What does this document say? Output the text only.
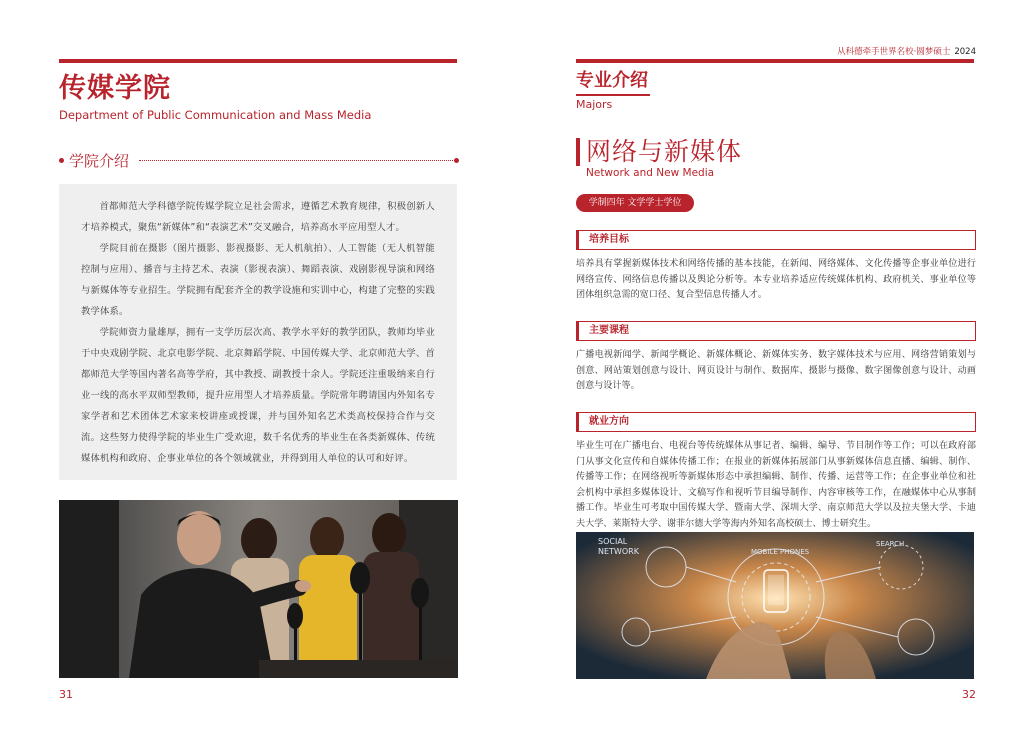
传媒学院
Department of Public Communication and Mass Media
学院介绍

首都师范大学科德学院传媒学院立足社会需求，遵循艺术教育规律，积极创新人才培养模式，聚焦“新媒体”和“表演艺术”交叉融合，培养高水平应用型人才。

学院目前在摄影（图片摄影、影视摄影、无人机航拍）、人工智能（无人机智能控制与应用）、播音与主持艺术、表演（影视表演）、舞蹈表演、戏剧影视导演和网络与新媒体等专业招生。学院拥有配套齐全的教学设施和实训中心，构建了完整的实践教学体系。

学院师资力量雄厚，拥有一支学历层次高、教学水平好的教学团队，教师均毕业于中央戏剧学院、北京电影学院、北京舞蹈学院、中国传媒大学、北京师范大学、首都师范大学等国内著名高等学府，其中教授、副教授十余人。学院还注重吸纳来自行业一线的高水平双师型教师，提升应用型人才培养质量。学院常年聘请国内外知名专家学者和艺术团体艺术家来校讲座或授课，并与国外知名艺术类高校保持合作与交流。这些努力使得学院的毕业生广受欢迎，数千名优秀的毕业生在各类新媒体、传统媒体机构和政府、企事业单位的各个领域就业，并得到用人单位的认可和好评。

31
从科德牵手世界名校·圆梦硕士 2024
专业介绍
Majors
网络与新媒体
Network and New Media
学制四年 文学学士学位
培养目标

培养具有掌握新媒体技术和网络传播的基本技能，在新闻、网络媒体、文化传播等企事业单位进行网络宣传、网络信息传播以及舆论分析等。本专业培养适应传统媒体机构、政府机关、事业单位等团体组织急需的宽口径、复合型信息传播人才。

主要课程

广播电视新闻学、新闻学概论、新媒体概论、新媒体实务、数字媒体技术与应用、网络营销策划与创意、网站策划创意与设计、网页设计与制作、数据库、摄影与摄像、数字图像创意与设计、动画创意与设计等。

就业方向

毕业生可在广播电台、电视台等传统媒体从事记者、编辑、编导、节目制作等工作；可以在政府部门从事文化宣传和自媒体传播工作；在报业的新媒体拓展部门从事新媒体信息直播、编辑、制作、传播等工作；在网络视听等新媒体形态中承担编辑、制作、传播、运营等工作；在企事业单位和社会机构中承担多媒体设计、文稿写作和视听节目编导制作、内容审核等工作，在融媒体中心从事制播工作。毕业生可考取中国传媒大学、暨南大学、深圳大学、南京师范大学以及拉夫堡大学、卡迪夫大学、莱斯特大学、谢菲尔德大学等海内外知名高校硕士、博士研究生。

SOCIAL
NETWORK	MOBILE PHONES
SEARCH
32
